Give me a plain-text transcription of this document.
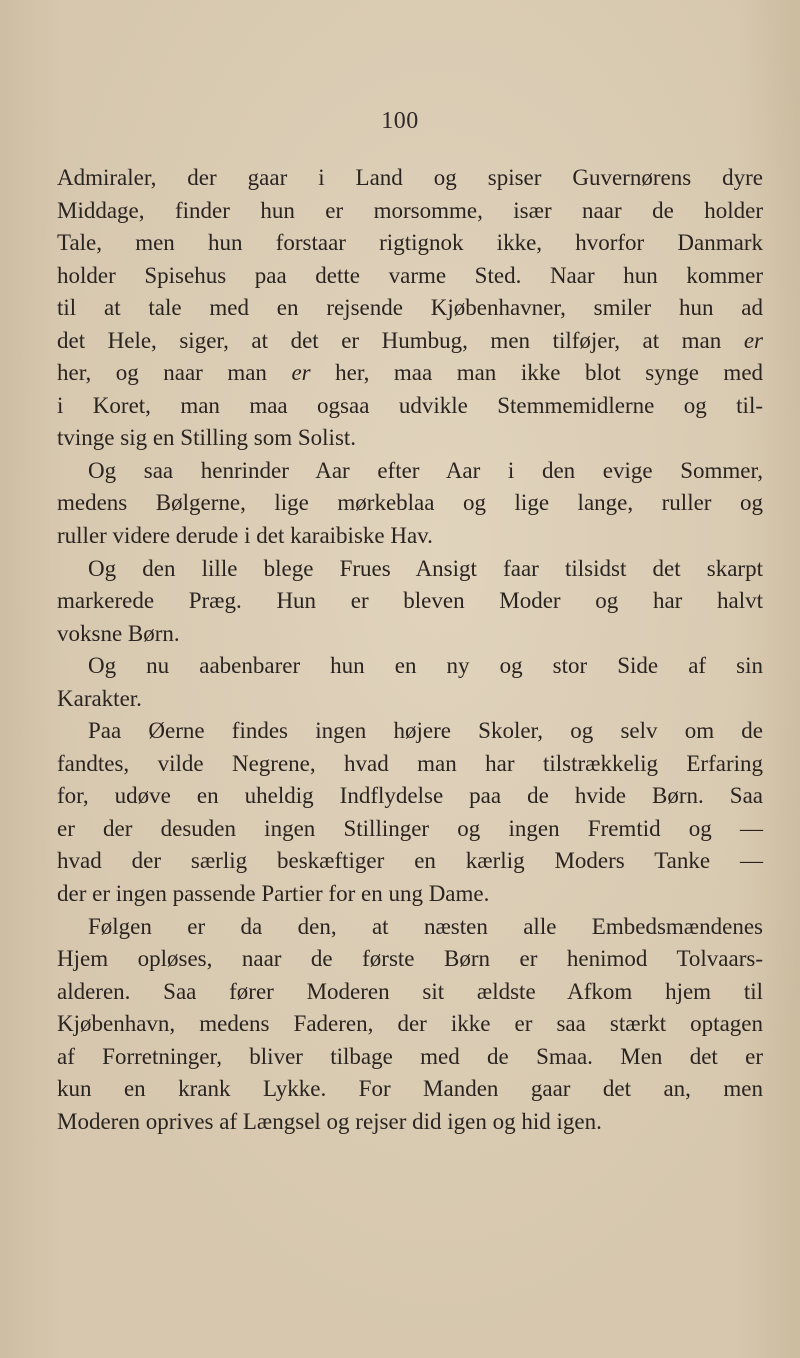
100
Admiraler, der gaar i Land og spiser Guvernørens dyre
Middage, finder hun er morsomme, især naar de holder
Tale, men hun forstaar rigtignok ikke, hvorfor Danmark
holder Spisehus paa dette varme Sted. Naar hun kommer
til at tale med en rejsende Kjøbenhavner, smiler hun ad
det Hele, siger, at det er Humbug, men tilføjer, at man er
her, og naar man er her, maa man ikke blot synge med
i Koret, man maa ogsaa udvikle Stemmemidlerne og til-
tvinge sig en Stilling som Solist.
Og saa henrinder Aar efter Aar i den evige Sommer,
medens Bølgerne, lige mørkeblaa og lige lange, ruller og
ruller videre derude i det karaibiske Hav.
Og den lille blege Frues Ansigt faar tilsidst det skarpt
markerede Præg. Hun er bleven Moder og har halvt
voksne Børn.
Og nu aabenbarer hun en ny og stor Side af sin
Karakter.
Paa Øerne findes ingen højere Skoler, og selv om de
fandtes, vilde Negrene, hvad man har tilstrækkelig Erfaring
for, udøve en uheldig Indflydelse paa de hvide Børn. Saa
er der desuden ingen Stillinger og ingen Fremtid og —
hvad der særlig beskæftiger en kærlig Moders Tanke —
der er ingen passende Partier for en ung Dame.
Følgen er da den, at næsten alle Embedsmændenes
Hjem opløses, naar de første Børn er henimod Tolvaars-
alderen. Saa fører Moderen sit ældste Afkom hjem til
Kjøbenhavn, medens Faderen, der ikke er saa stærkt optagen
af Forretninger, bliver tilbage med de Smaa. Men det er
kun en krank Lykke. For Manden gaar det an, men
Moderen oprives af Længsel og rejser did igen og hid igen.
